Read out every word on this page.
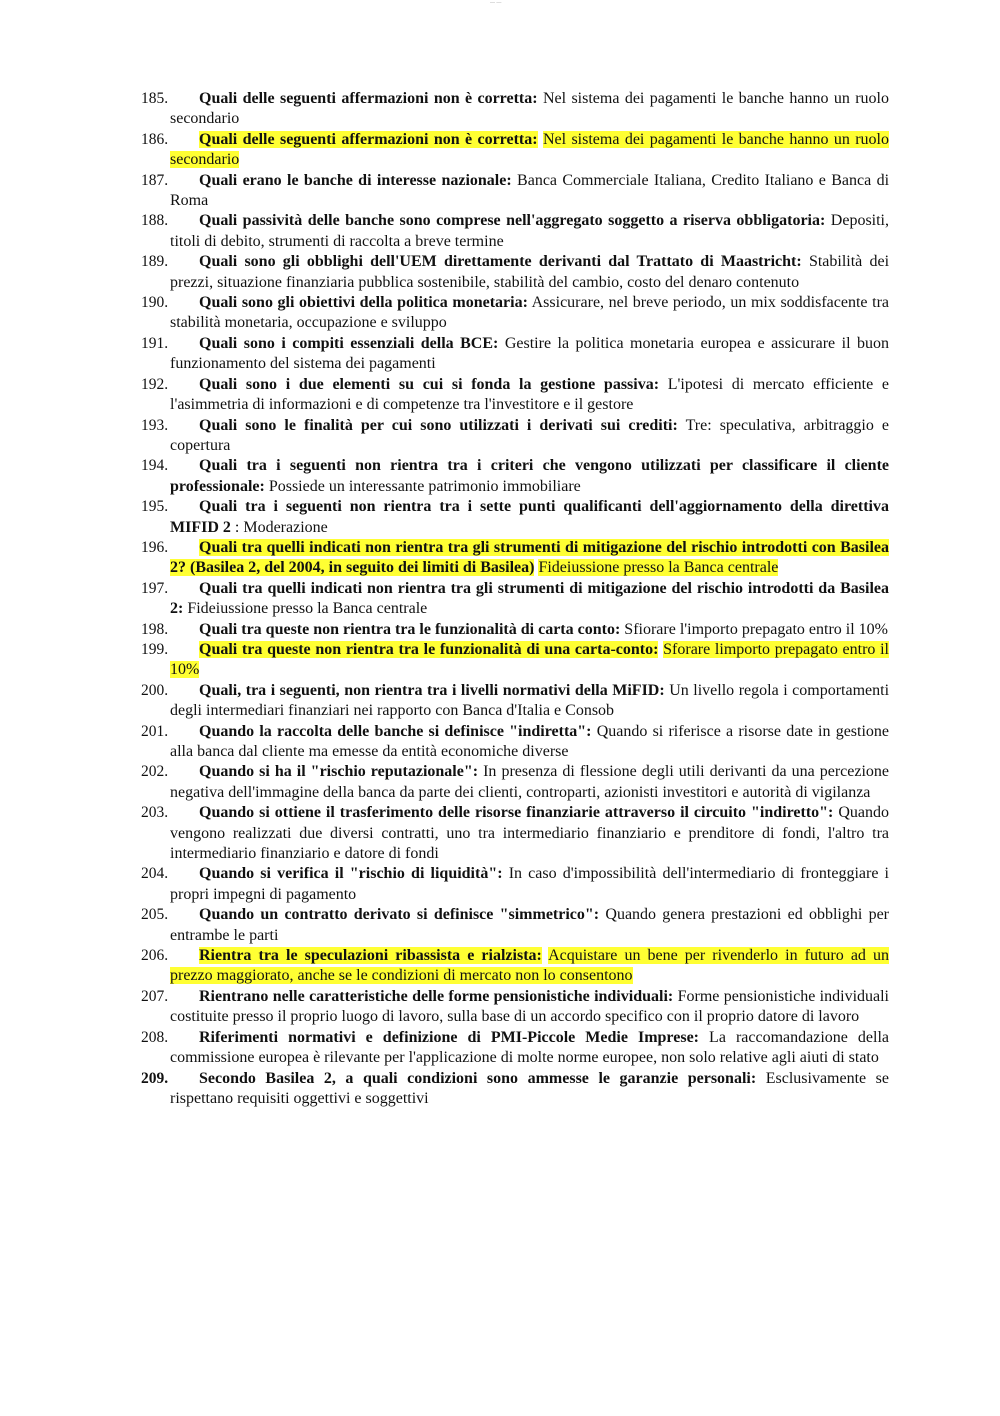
— —
185. Quali delle seguenti affermazioni non è corretta: Nel sistema dei pagamenti le banche hanno un ruolo secondario
186. Quali delle seguenti affermazioni non è corretta: Nel sistema dei pagamenti le banche hanno un ruolo secondario
187. Quali erano le banche di interesse nazionale: Banca Commerciale Italiana, Credito Italiano e Banca di Roma
188. Quali passività delle banche sono comprese nell'aggregato soggetto a riserva obbligatoria: Depositi, titoli di debito, strumenti di raccolta a breve termine
189. Quali sono gli obblighi dell'UEM direttamente derivanti dal Trattato di Maastricht: Stabilità dei prezzi, situazione finanziaria pubblica sostenibile, stabilità del cambio, costo del denaro contenuto
190. Quali sono gli obiettivi della politica monetaria: Assicurare, nel breve periodo, un mix soddisfacente tra stabilità monetaria, occupazione e sviluppo
191. Quali sono i compiti essenziali della BCE: Gestire la politica monetaria europea e assicurare il buon funzionamento del sistema dei pagamenti
192. Quali sono i due elementi su cui si fonda la gestione passiva: L'ipotesi di mercato efficiente e l'asimmetria di informazioni e di competenze tra l'investitore e il gestore
193. Quali sono le finalità per cui sono utilizzati i derivati sui crediti: Tre: speculativa, arbitraggio e copertura
194. Quali tra i seguenti non rientra tra i criteri che vengono utilizzati per classificare il cliente professionale: Possiede un interessante patrimonio immobiliare
195. Quali tra i seguenti non rientra tra i sette punti qualificanti dell'aggiornamento della direttiva MIFID 2 : Moderazione
196. Quali tra quelli indicati non rientra tra gli strumenti di mitigazione del rischio introdotti con Basilea 2? (Basilea 2, del 2004, in seguito dei limiti di Basilea) Fideiussione presso la Banca centrale
197. Quali tra quelli indicati non rientra tra gli strumenti di mitigazione del rischio introdotti da Basilea 2: Fideiussione presso la Banca centrale
198. Quali tra queste non rientra tra le funzionalità di carta conto: Sfiorare l'importo prepagato entro il 10%
199. Quali tra queste non rientra tra le funzionalità di una carta-conto: Sforare limporto prepagato entro il 10%
200. Quali, tra i seguenti, non rientra tra i livelli normativi della MiFID: Un livello regola i comportamenti degli intermediari finanziari nei rapporto con Banca d'Italia e Consob
201. Quando la raccolta delle banche si definisce "indiretta": Quando si riferisce a risorse date in gestione alla banca dal cliente ma emesse da entità economiche diverse
202. Quando si ha il "rischio reputazionale": In presenza di flessione degli utili derivanti da una percezione negativa dell'immagine della banca da parte dei clienti, controparti, azionisti investitori e autorità di vigilanza
203. Quando si ottiene il trasferimento delle risorse finanziarie attraverso il circuito "indiretto": Quando vengono realizzati due diversi contratti, uno tra intermediario finanziario e prenditore di fondi, l'altro tra intermediario finanziario e datore di fondi
204. Quando si verifica il "rischio di liquidità": In caso d'impossibilità dell'intermediario di fronteggiare i propri impegni di pagamento
205. Quando un contratto derivato si definisce "simmetrico": Quando genera prestazioni ed obblighi per entrambe le parti
206. Rientra tra le speculazioni ribassista e rialzista: Acquistare un bene per rivenderlo in futuro ad un prezzo maggiorato, anche se le condizioni di mercato non lo consentono
207. Rientrano nelle caratteristiche delle forme pensionistiche individuali: Forme pensionistiche individuali costituite presso il proprio luogo di lavoro, sulla base di un accordo specifico con il proprio datore di lavoro
208. Riferimenti normativi e definizione di PMI-Piccole Medie Imprese: La raccomandazione della commissione europea è rilevante per l'applicazione di molte norme europee, non solo relative agli aiuti di stato
209. Secondo Basilea 2, a quali condizioni sono ammesse le garanzie personali: Esclusivamente se rispettano requisiti oggettivi e soggettivi
